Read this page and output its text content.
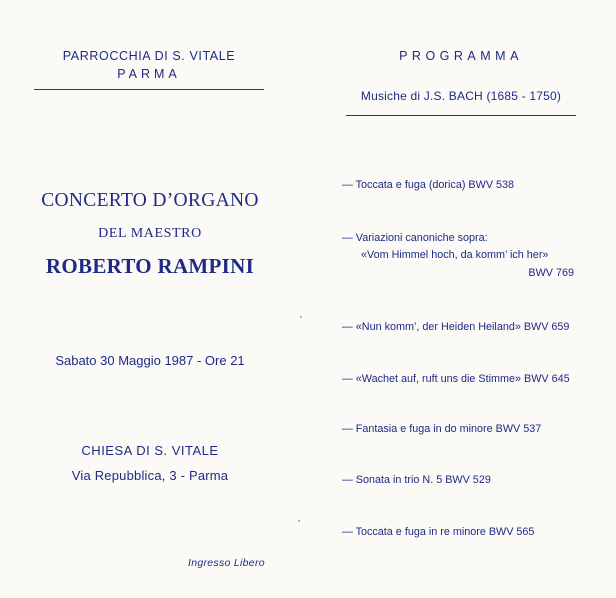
PARROCCHIA DI S. VITALE
PARMA
CONCERTO D’ORGANO
DEL MAESTRO
ROBERTO RAMPINI
Sabato 30 Maggio 1987 - Ore 21
CHIESA DI S. VITALE
Via Repubblica, 3 - Parma
Ingresso Libero
PROGRAMMA
Musiche di J.S. BACH (1685 - 1750)
— Toccata e fuga (dorica) BWV 538
— Variazioni canoniche sopra:
«Vom Himmel hoch, da komm’ ich her»
BWV 769
— «Nun komm’, der Heiden Heiland» BWV 659
— «Wachet auf, ruft uns die Stimme» BWV 645
— Fantasia e fuga in do minore BWV 537
— Sonata in trio N. 5 BWV 529
— Toccata e fuga in re minore BWV 565
